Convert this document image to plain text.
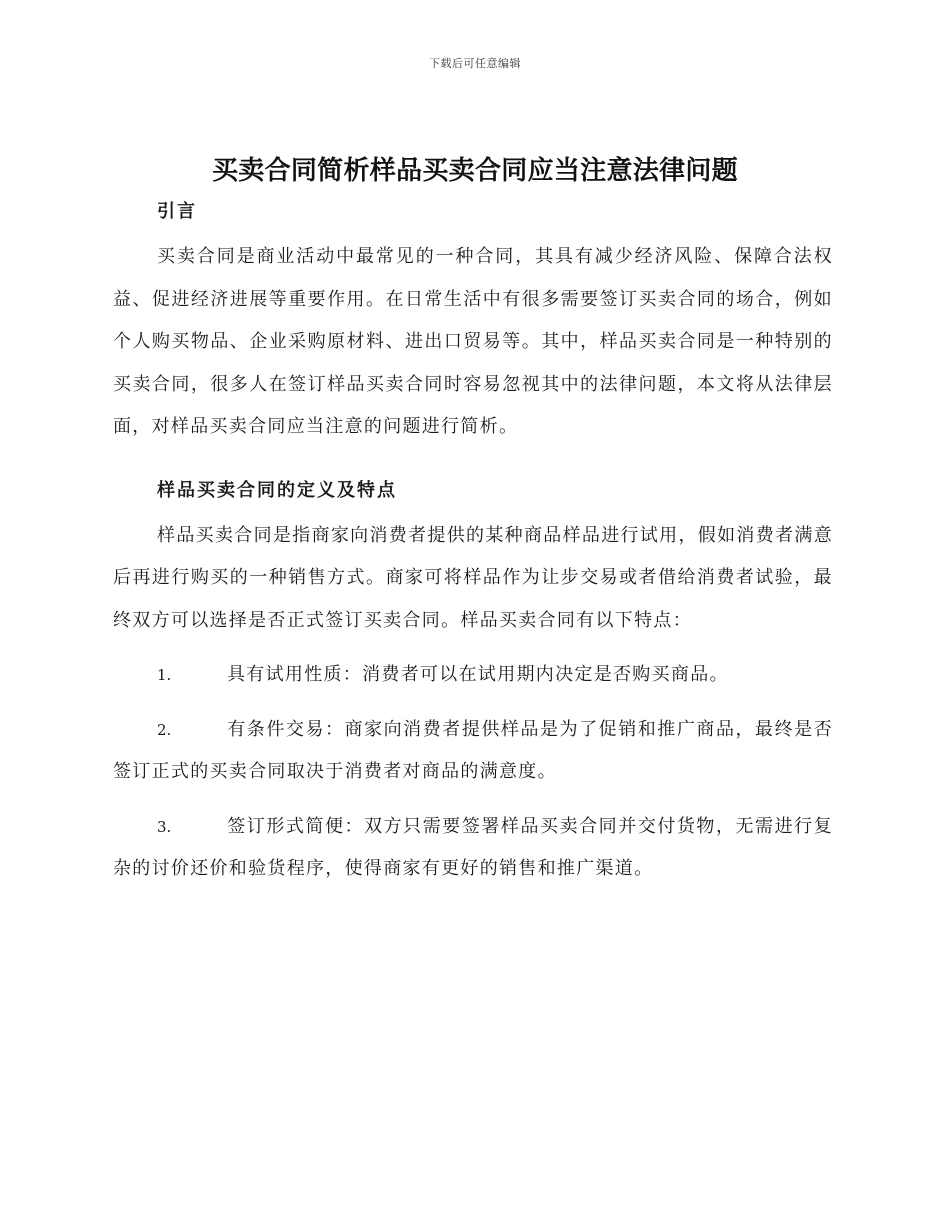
下载后可任意编辑
买卖合同简析样品买卖合同应当注意法律问题

引言

买卖合同是商业活动中最常见的一种合同，其具有减少经济风险、保障合法权益、促进经济进展等重要作用。在日常生活中有很多需要签订买卖合同的场合，例如个人购买物品、企业采购原材料、进出口贸易等。其中，样品买卖合同是一种特别的买卖合同，很多人在签订样品买卖合同时容易忽视其中的法律问题，本文将从法律层面，对样品买卖合同应当注意的问题进行简析。

样品买卖合同的定义及特点

样品买卖合同是指商家向消费者提供的某种商品样品进行试用，假如消费者满意后再进行购买的一种销售方式。商家可将样品作为让步交易或者借给消费者试验，最终双方可以选择是否正式签订买卖合同。样品买卖合同有以下特点：

1.	具有试用性质：消费者可以在试用期内决定是否购买商品。

2.	有条件交易：商家向消费者提供样品是为了促销和推广商品，最终是否签订正式的买卖合同取决于消费者对商品的满意度。

3.	签订形式简便：双方只需要签署样品买卖合同并交付货物，无需进行复杂的讨价还价和验货程序，使得商家有更好的销售和推广渠道。
